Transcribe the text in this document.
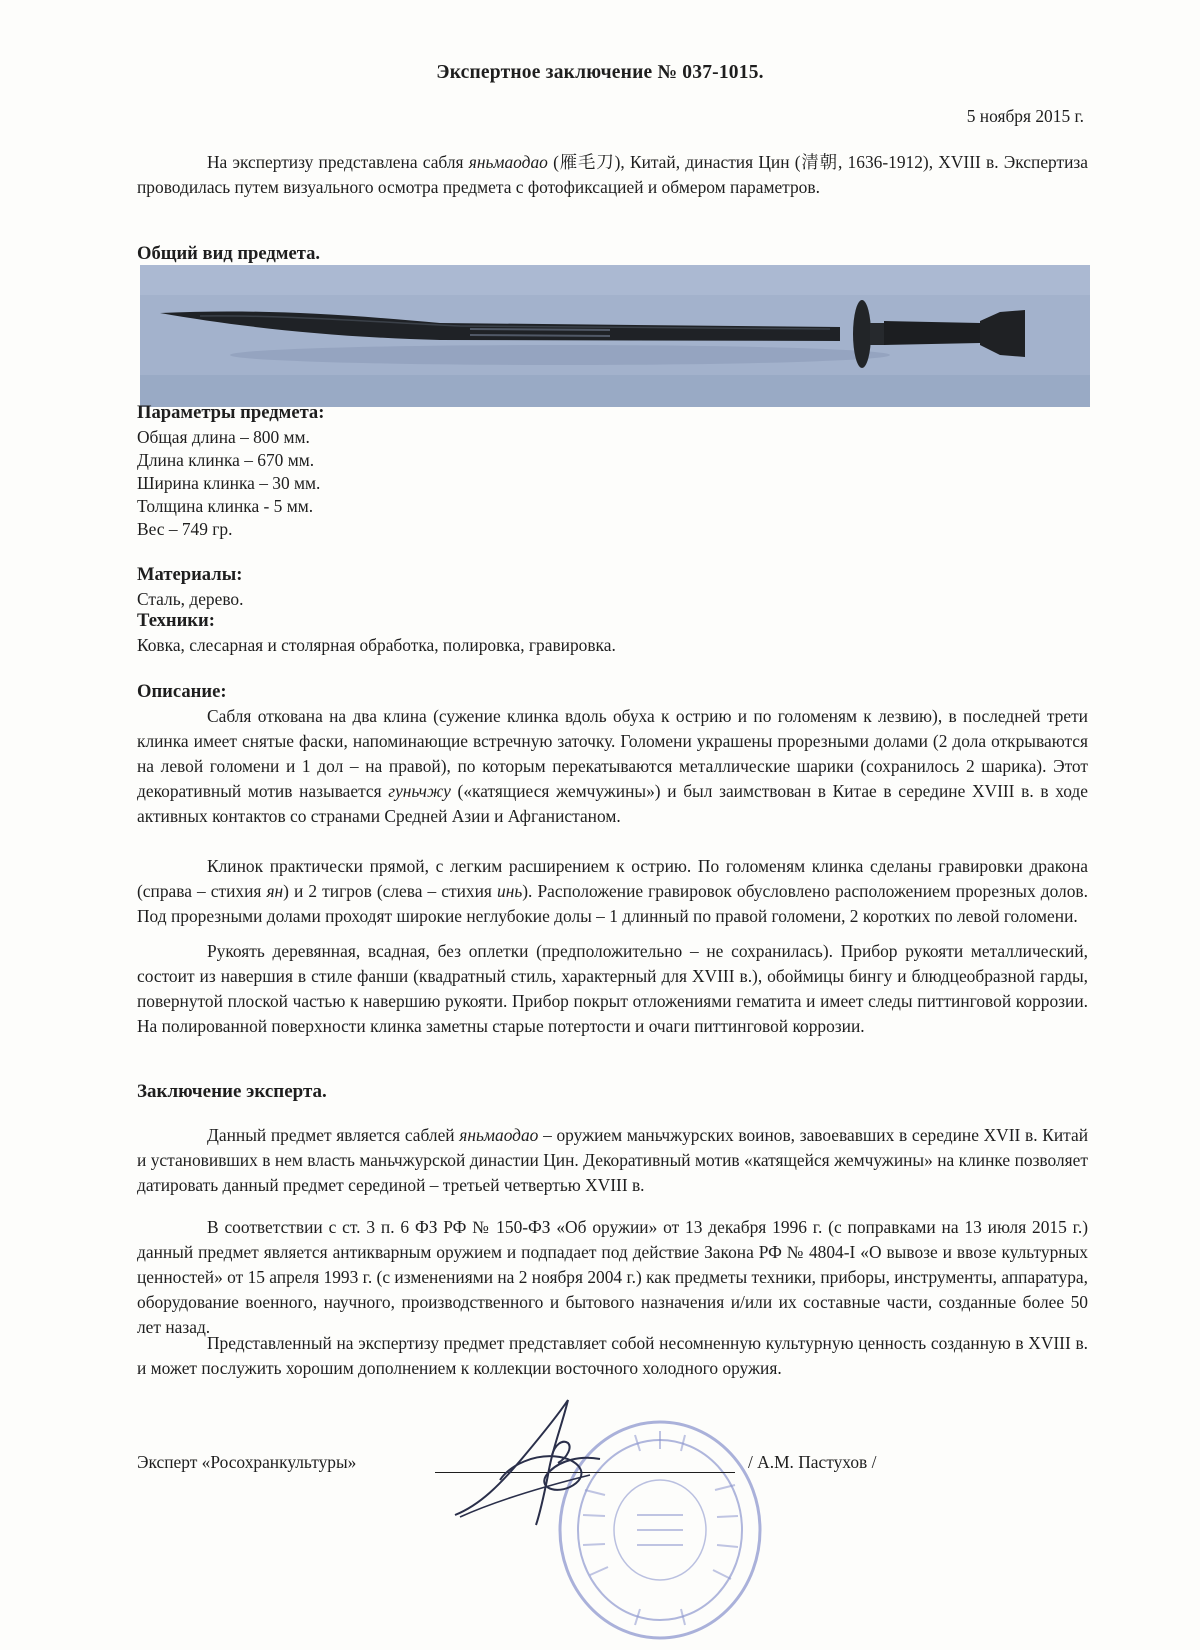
Экспертное заключение № 037-1015.
5 ноября 2015 г.

На экспертизу представлена сабля яньмаодао (雁毛刀), Китай, династия Цин (清朝, 1636-1912), XVIII в. Экспертиза проводилась путем визуального осмотра предмета с фотофиксацией и обмером параметров.

Общий вид предмета.
Параметры предмета:
Общая длина – 800 мм.
Длина клинка – 670 мм.
Ширина клинка – 30 мм.
Толщина клинка - 5 мм.
Вес – 749 гр.
Материалы:
Сталь, дерево.
Техники:
Ковка, слесарная и столярная обработка, полировка, гравировка.
Описание:

Сабля откована на два клина (сужение клинка вдоль обуха к острию и по голоменям к лезвию), в последней трети клинка имеет снятые фаски, напоминающие встречную заточку. Голомени украшены прорезными долами (2 дола открываются на левой голомени и 1 дол – на правой), по которым перекатываются металлические шарики (сохранилось 2 шарика). Этот декоративный мотив называется гуньчжу («катящиеся жемчужины») и был заимствован в Китае в середине XVIII в. в ходе активных контактов со странами Средней Азии и Афганистаном.

Клинок практически прямой, с легким расширением к острию. По голоменям клинка сделаны гравировки дракона (справа – стихия ян) и 2 тигров (слева – стихия инь). Расположение гравировок обусловлено расположением прорезных долов. Под прорезными долами проходят широкие неглубокие долы – 1 длинный по правой голомени, 2 коротких по левой голомени.

Рукоять деревянная, всадная, без оплетки (предположительно – не сохранилась). Прибор рукояти металлический, состоит из навершия в стиле фанши (квадратный стиль, характерный для XVIII в.), обоймицы бингу и блюдцеобразной гарды, повернутой плоской частью к навершию рукояти. Прибор покрыт отложениями гематита и имеет следы питтинговой коррозии. На полированной поверхности клинка заметны старые потертости и очаги питтинговой коррозии.

Заключение эксперта.

Данный предмет является саблей яньмаодао – оружием маньчжурских воинов, завоевавших в середине XVII в. Китай и установивших в нем власть маньчжурской династии Цин. Декоративный мотив «катящейся жемчужины» на клинке позволяет датировать данный предмет серединой – третьей четвертью XVIII в.

В соответствии с ст. 3 п. 6 ФЗ РФ № 150-ФЗ «Об оружии» от 13 декабря 1996 г. (с поправками на 13 июля 2015 г.) данный предмет является антикварным оружием и подпадает под действие Закона РФ № 4804-I «О вывозе и ввозе культурных ценностей» от 15 апреля 1993 г. (с изменениями на 2 ноября 2004 г.) как предметы техники, приборы, инструменты, аппаратура, оборудование военного, научного, производственного и бытового назначения и/или их составные части, созданные более 50 лет назад.

Представленный на экспертизу предмет представляет собой несомненную культурную ценность созданную в XVIII в. и может послужить хорошим дополнением к коллекции восточного холодного оружия.

Эксперт «Росохранкультуры»	/ А.М. Пастухов /
